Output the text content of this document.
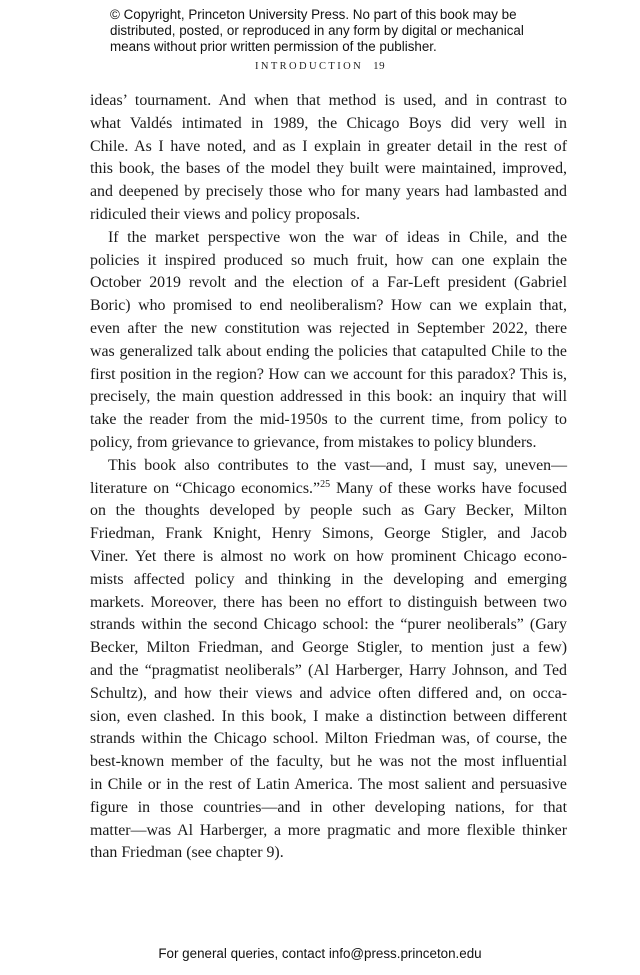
© Copyright, Princeton University Press. No part of this book may be
distributed, posted, or reproduced in any form by digital or mechanical
means without prior written permission of the publisher.
INTRODUCTION 19

ideas’ tournament. And when that method is used, and in contrast to
what Valdés intimated in 1989, the Chicago Boys did very well in
Chile. As I have noted, and as I explain in greater detail in the rest of
this book, the bases of the model they built were maintained, improved,
and deepened by precisely those who for many years had lambasted and
ridiculed their views and policy proposals.

If the market perspective won the war of ideas in Chile, and the
policies it inspired produced so much fruit, how can one explain the
October 2019 revolt and the election of a Far-Left president (Gabriel
Boric) who promised to end neoliberalism? How can we explain that,
even after the new constitution was rejected in September 2022, there
was generalized talk about ending the policies that catapulted Chile to the
first position in the region? How can we account for this paradox? This is,
precisely, the main question addressed in this book: an inquiry that will
take the reader from the mid-1950s to the current time, from policy to
policy, from grievance to grievance, from mistakes to policy blunders.

This book also contributes to the vast—and, I must say, uneven—
literature on “Chicago economics.”$^{25}$ Many of these works have focused
on the thoughts developed by people such as Gary Becker, Milton
Friedman, Frank Knight, Henry Simons, George Stigler, and Jacob
Viner. Yet there is almost no work on how prominent Chicago econo-
mists affected policy and thinking in the developing and emerging
markets. Moreover, there has been no effort to distinguish between two
strands within the second Chicago school: the “purer neoliberals” (Gary
Becker, Milton Friedman, and George Stigler, to mention just a few)
and the “pragmatist neoliberals” (Al Harberger, Harry Johnson, and Ted
Schultz), and how their views and advice often differed and, on occa-
sion, even clashed. In this book, I make a distinction between different
strands within the Chicago school. Milton Friedman was, of course, the
best-known member of the faculty, but he was not the most influential
in Chile or in the rest of Latin America. The most salient and persuasive
figure in those countries—and in other developing nations, for that
matter—was Al Harberger, a more pragmatic and more flexible thinker
than Friedman (see chapter 9).

For general queries, contact info@press.princeton.edu
